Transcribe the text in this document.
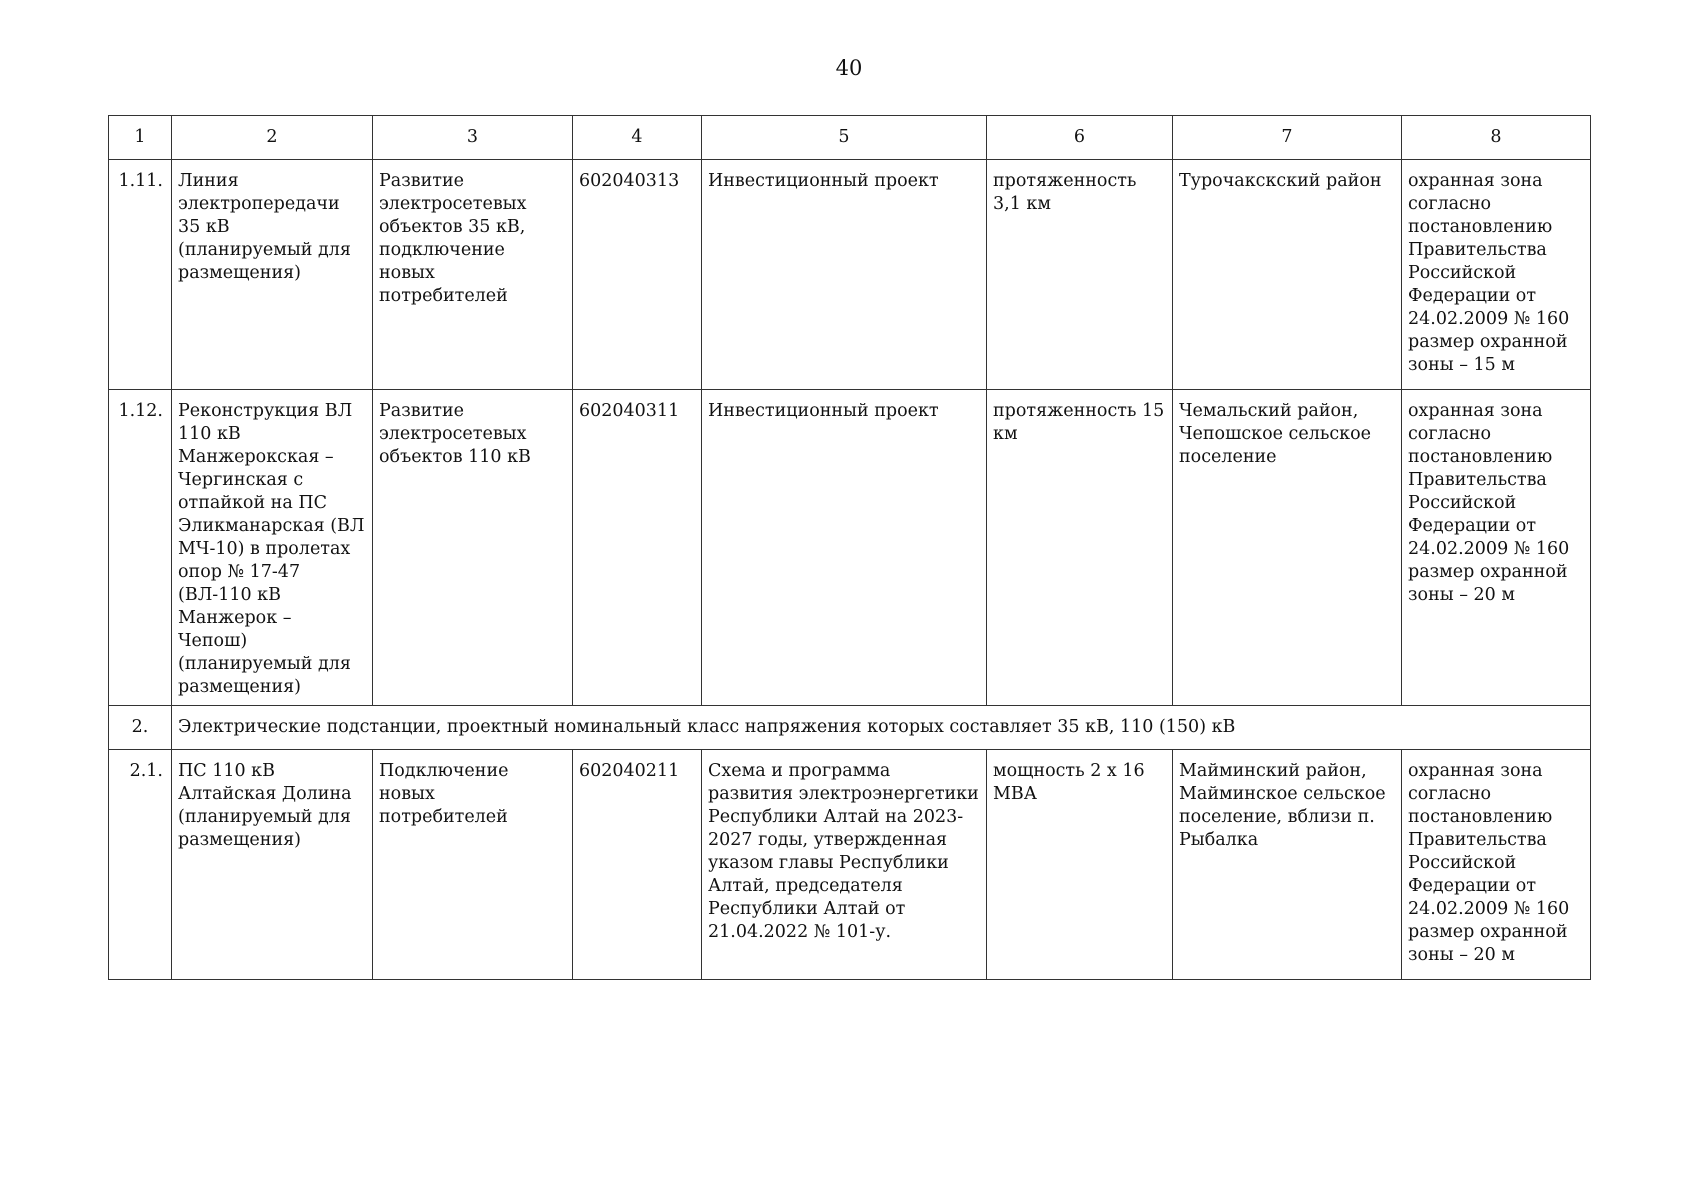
40
1	2	3	4	5	6	7	8
1.11.	Линия электропередачи 35 кВ (планируемый для размещения)	Развитие электросетевых объектов 35 кВ, подключение новых потребителей	602040313	Инвестиционный проект	протяженность 3,1 км	Турочакскский район	охранная зона согласно постановлению Правительства Российской Федерации от 24.02.2009 № 160 размер охранной зоны – 15 м
1.12.	Реконструкция ВЛ 110 кВ Манжерокская – Чергинская с отпайкой на ПС Эликманарская (ВЛ МЧ-10) в пролетах опор № 17-47 (ВЛ-110 кВ Манжерок – Чепош) (планируемый для размещения)	Развитие электросетевых объектов 110 кВ	602040311	Инвестиционный проект	протяженность 15 км	Чемальский район, Чепошское сельское поселение	охранная зона согласно постановлению Правительства Российской Федерации от 24.02.2009 № 160 размер охранной зоны – 20 м
2.	Электрические подстанции, проектный номинальный класс напряжения которых составляет 35 кВ, 110 (150) кВ						
2.1.	ПС 110 кВ Алтайская Долина (планируемый для размещения)	Подключение новых потребителей	602040211	Схема и программа развития электроэнергетики Республики Алтай на 2023-2027 годы, утвержденная указом главы Республики Алтай, председателя Республики Алтай от 21.04.2022 № 101-у.	мощность 2 х 16 МВА	Майминский район, Майминское сельское поселение, вблизи п. Рыбалка	охранная зона согласно постановлению Правительства Российской Федерации от 24.02.2009 № 160 размер охранной зоны – 20 м
